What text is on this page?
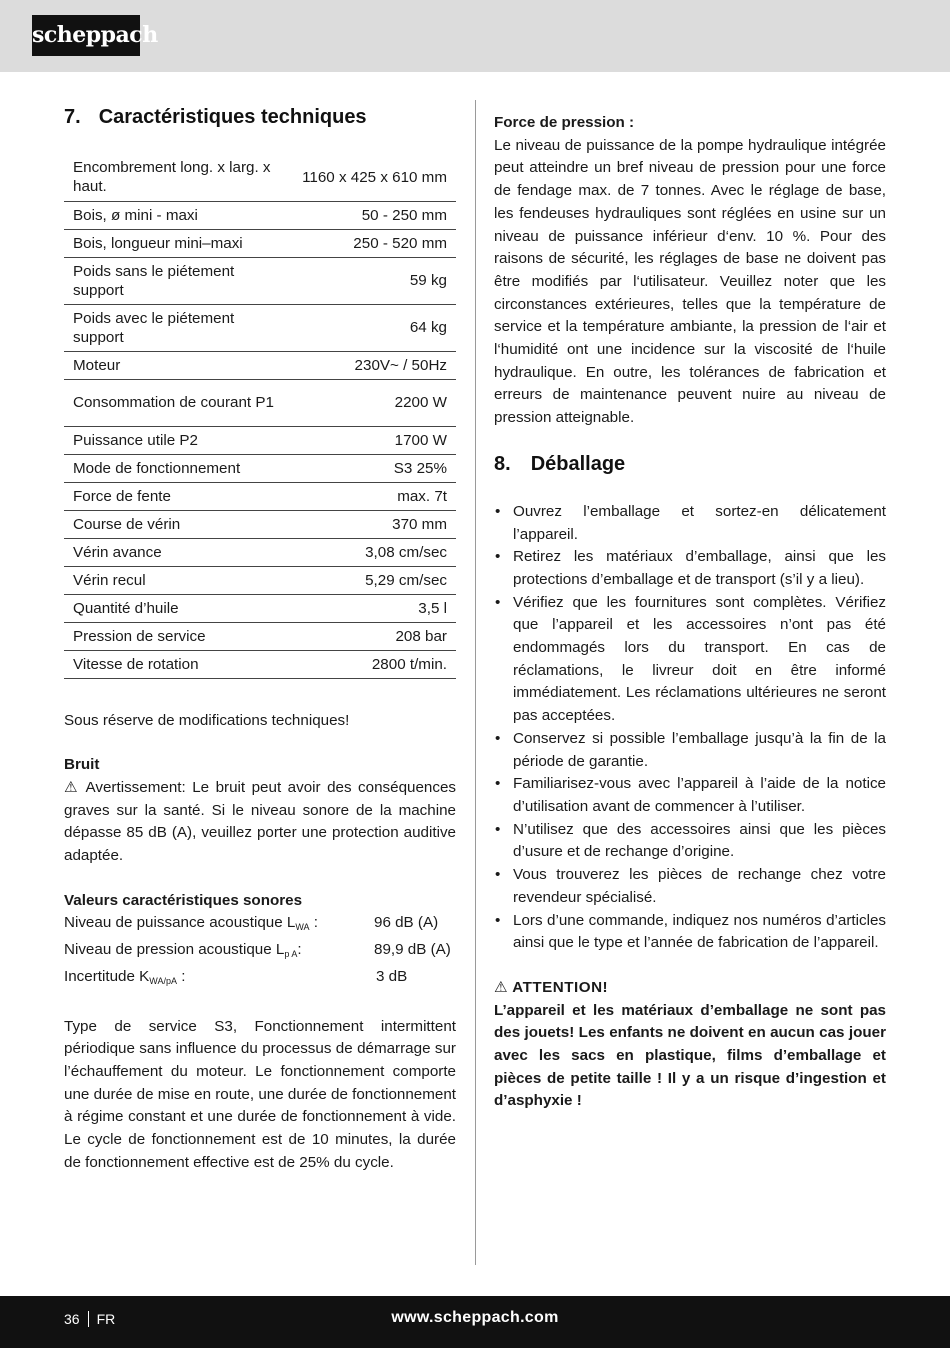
scheppach
7. Caractéristiques techniques
Encombrement long. x larg. x haut.	1160 x 425 x 610 mm
Bois, ø mini - maxi	50 - 250 mm
Bois, longueur mini–maxi	250 - 520 mm
Poids sans le piétement support	59 kg
Poids avec le piétement support	64 kg
Moteur	230V~ / 50Hz
Consommation de courant P1	2200 W
Puissance utile P2	1700 W
Mode de fonctionnement	S3 25%
Force de fente	max. 7t
Course de vérin	370 mm
Vérin avance	3,08 cm/sec
Vérin recul	5,29 cm/sec
Quantité d’huile	3,5 l
Pression de service	208 bar
Vitesse de rotation	2800 t/min.

Sous réserve de modifications techniques!

Bruit

⚠ Avertissement: Le bruit peut avoir des conséquences graves sur la santé. Si le niveau sonore de la machine dépasse 85 dB (A), veuillez porter une protection auditive adaptée.

Valeurs caractéristiques sonores

Niveau de puissance acoustique $L_{WA}$ :	96 dB (A)
Niveau de pression acoustique $L_{p A}$:	89,9 dB (A)
Incertitude $K_{WA/pA}$ :	3 dB

Type de service S3, Fonctionnement intermittent périodique sans influence du processus de démarrage sur l’échauffement du moteur. Le fonctionnement comporte une durée de mise en route, une durée de fonctionnement à régime constant et une durée de fonctionnement à vide. Le cycle de fonctionnement est de 10 minutes, la durée de fonctionnement effective est de 25% du cycle.

Force de pression :

Le niveau de puissance de la pompe hydraulique intégrée peut atteindre un bref niveau de pression pour une force de fendage max. de 7 tonnes. Avec le réglage de base, les fendeuses hydrauliques sont réglées en usine sur un niveau de puissance inférieur d‘env. 10 %. Pour des raisons de sécurité, les réglages de base ne doivent pas être modifiés par l‘utilisateur. Veuillez noter que les circonstances extérieures, telles que la température de service et la température ambiante, la pression de l‘air et l‘humidité ont une incidence sur la viscosité de l‘huile hydraulique. En outre, les tolérances de fabrication et erreurs de maintenance peuvent nuire au niveau de pression atteignable.

8. Déballage
• Ouvrez l’emballage et sortez-en délicatement l’appareil.
• Retirez les matériaux d’emballage, ainsi que les protections d’emballage et de transport (s’il y a lieu).
• Vérifiez que les fournitures sont complètes. Vérifiez que l’appareil et les accessoires n’ont pas été endommagés lors du transport. En cas de réclamations, le livreur doit en être informé immédiatement. Les réclamations ultérieures ne seront pas acceptées.
• Conservez si possible l’emballage jusqu’à la fin de la période de garantie.
• Familiarisez-vous avec l’appareil à l’aide de la notice d’utilisation avant de commencer à l’utiliser.
• N’utilisez que des accessoires ainsi que les pièces d’usure et de rechange d’origine.
• Vous trouverez les pièces de rechange chez votre revendeur spécialisé.
• Lors d’une commande, indiquez nos numéros d’articles ainsi que le type et l’année de fabrication de l’appareil.

⚠ ATTENTION!

L’appareil et les matériaux d’emballage ne sont pas des jouets! Les enfants ne doivent en aucun cas jouer avec les sacs en plastique, films d’emballage et pièces de petite taille ! Il y a un risque d’ingestion et d’asphyxie !

36 FR	www.scheppach.com
